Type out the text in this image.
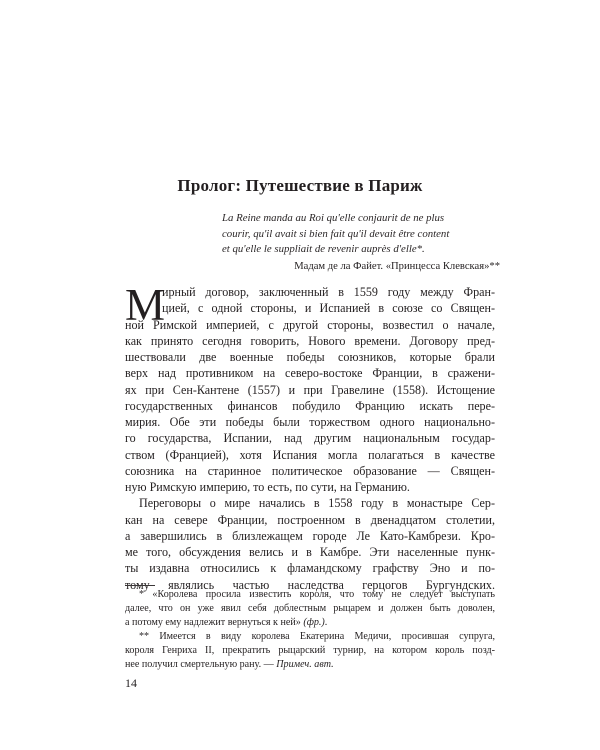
Пролог: Путешествие в Париж
La Reine manda au Roi qu'elle conjaurit de ne plus
courir, qu'il avait si bien fait qu'il devait être content
et qu'elle le suppliait de revenir auprès d'elle*.
Мадам де ла Файет. «Принцесса Клевская»**
М
ирный договор, заключенный в 1559 году между Фран-
цией, с одной стороны, и Испанией в союзе со Священ-
ной Римской империей, с другой стороны, возвестил о начале,
как принято сегодня говорить, Нового времени. Договору пред-
шествовали две военные победы союзников, которые брали
верх над противником на северо-востоке Франции, в сражени-
ях при Сен-Кантене (1557) и при Гравелине (1558). Истощение
государственных финансов побудило Францию искать пере-
мирия. Обе эти победы были торжеством одного национально-
го государства, Испании, над другим национальным государ-
ством (Францией), хотя Испания могла полагаться в качестве
союзника на старинное политическое образование — Священ-
ную Римскую империю, то есть, по сути, на Германию.
Переговоры о мире начались в 1558 году в монастыре Сер-
кан на севере Франции, построенном в двенадцатом столетии,
а завершились в близлежащем городе Ле Като-Камбрези. Кро-
ме того, обсуждения велись и в Камбре. Эти населенные пунк-
ты издавна относились к фламандскому графству Эно и по-
тому являлись частью наследства герцогов Бургундских.
* «Королева просила известить короля, что тому не следует выступать
далее, что он уже явил себя доблестным рыцарем и должен быть доволен,
а потому ему надлежит вернуться к ней» (фр.).
** Имеется в виду королева Екатерина Медичи, просившая супруга,
короля Генриха II, прекратить рыцарский турнир, на котором король позд-
нее получил смертельную рану. — Примеч. авт.
14
